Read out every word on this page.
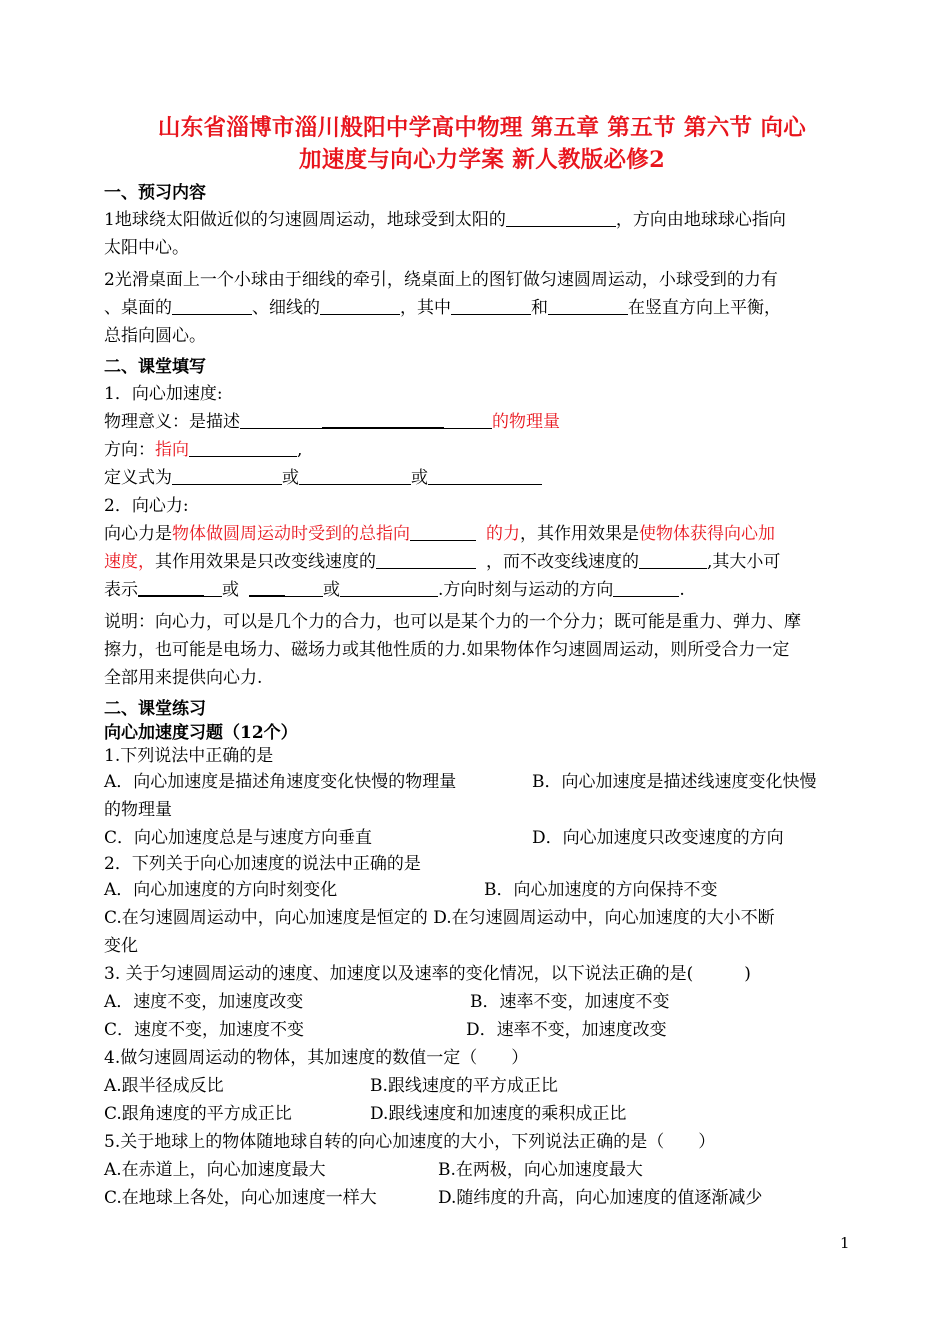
山东省淄博市淄川般阳中学高中物理 第五章 第五节 第六节 向心
加速度与向心力学案 新人教版必修2
一、预习内容

1地球绕太阳做近似的匀速圆周运动，地球受到太阳的	，方向由地球球心指向

太阳中心。

2光滑桌面上一个小球由于细线的牵引，绕桌面上的图钉做匀速圆周运动，小球受到的力有

、桌面的	、细线的	，其中	和	在竖直方向上平衡，

总指向圆心。

二、课堂填写

1．向心加速度:

物理意义：是描述	的物理量

方向：指向	,

定义式为	或	或

2．向心力:

向心力是物体做圆周运动时受到的总指向	的力，其作用效果是使物体获得向心加

速度，其作用效果是只改变线速度的	，而不改变线速度的	,其大小可

表示	或	或	.方向时刻与运动的方向	.

说明：向心力，可以是几个力的合力，也可以是某个力的一个分力；既可能是重力、弹力、摩

擦力，也可能是电场力、磁场力或其他性质的力.如果物体作匀速圆周运动，则所受合力一定

全部用来提供向心力.

二、课堂练习
向心加速度习题（12个）

1.下列说法中正确的是

A．向心加速度是描述角速度变化快慢的物理量	B．向心加速度是描述线速度变化快慢

的物理量

C．向心加速度总是与速度方向垂直	D．向心加速度只改变速度的方向

2．下列关于向心加速度的说法中正确的是

A．向心加速度的方向时刻变化	B．向心加速度的方向保持不变

C.在匀速圆周运动中，向心加速度是恒定的 D.在匀速圆周运动中，向心加速度的大小不断

变化

3. 关于匀速圆周运动的速度、加速度以及速率的变化情况，以下说法正确的是(　　　)

A．速度不变，加速度改变	B．速率不变，加速度不变
C．速度不变，加速度不变	D．速率不变，加速度改变

4.做匀速圆周运动的物体，其加速度的数值一定（　　）

A.跟半径成反比	B.跟线速度的平方成正比
C.跟角速度的平方成正比	D.跟线速度和加速度的乘积成正比

5.关于地球上的物体随地球自转的向心加速度的大小，下列说法正确的是（　　）

A.在赤道上，向心加速度最大	B.在两极，向心加速度最大
C.在地球上各处，向心加速度一样大	D.随纬度的升高，向心加速度的值逐渐减少
1
